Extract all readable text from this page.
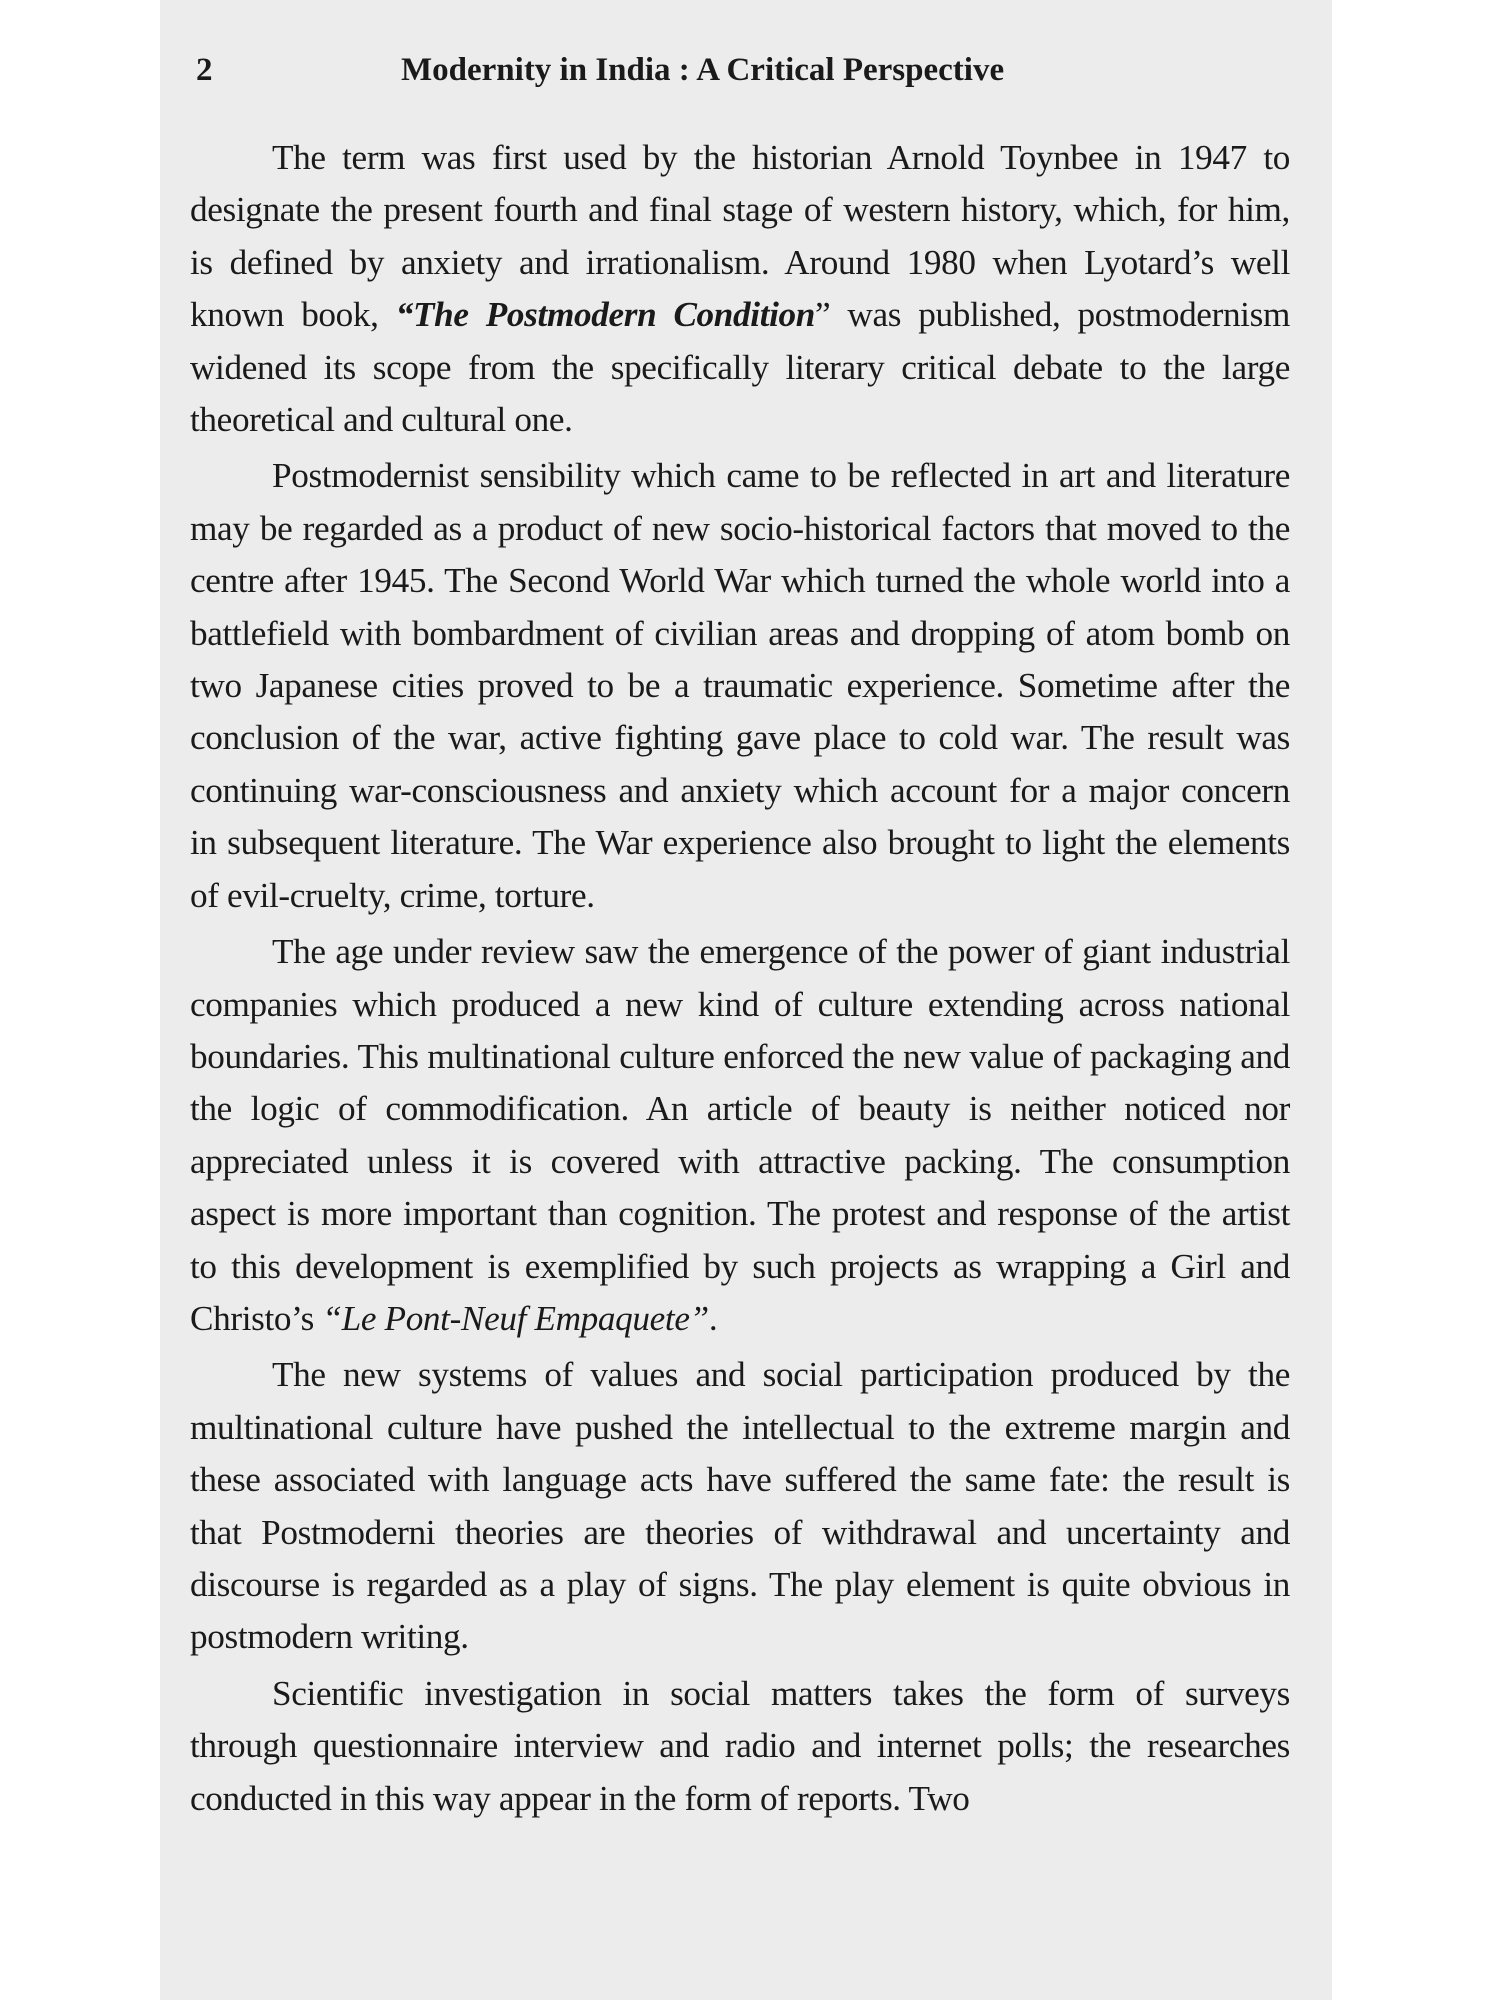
2	Modernity in India : A Critical Perspective

The term was first used by the historian Arnold Toynbee in 1947 to designate the present fourth and final stage of western history, which, for him, is defined by anxiety and irrationalism. Around 1980 when Lyotard’s well known book, “The Postmodern Condition” was published, postmodernism widened its scope from the specifically literary critical debate to the large theoretical and cultural one.

Postmodernist sensibility which came to be reflected in art and literature may be regarded as a product of new socio-historical factors that moved to the centre after 1945. The Second World War which turned the whole world into a battlefield with bombardment of civilian areas and dropping of atom bomb on two Japanese cities proved to be a traumatic experience. Sometime after the conclusion of the war, active fighting gave place to cold war. The result was continuing war-consciousness and anxiety which account for a major concern in subsequent literature. The War experience also brought to light the elements of evil-cruelty, crime, torture.

The age under review saw the emergence of the power of giant industrial companies which produced a new kind of culture extending across national boundaries. This multinational culture enforced the new value of packaging and the logic of commodification. An article of beauty is neither noticed nor appreciated unless it is covered with attractive packing. The consumption aspect is more important than cognition. The protest and response of the artist to this development is exemplified by such projects as wrapping a Girl and Christo’s “Le Pont-Neuf Empaquete”.

The new systems of values and social participation produced by the multinational culture have pushed the intellectual to the extreme margin and these associated with language acts have suffered the same fate: the result is that Postmoderni theories are theories of withdrawal and uncertainty and discourse is regarded as a play of signs. The play element is quite obvious in postmodern writing.

Scientific investigation in social matters takes the form of surveys through questionnaire interview and radio and internet polls; the researches conducted in this way appear in the form of reports. Two
